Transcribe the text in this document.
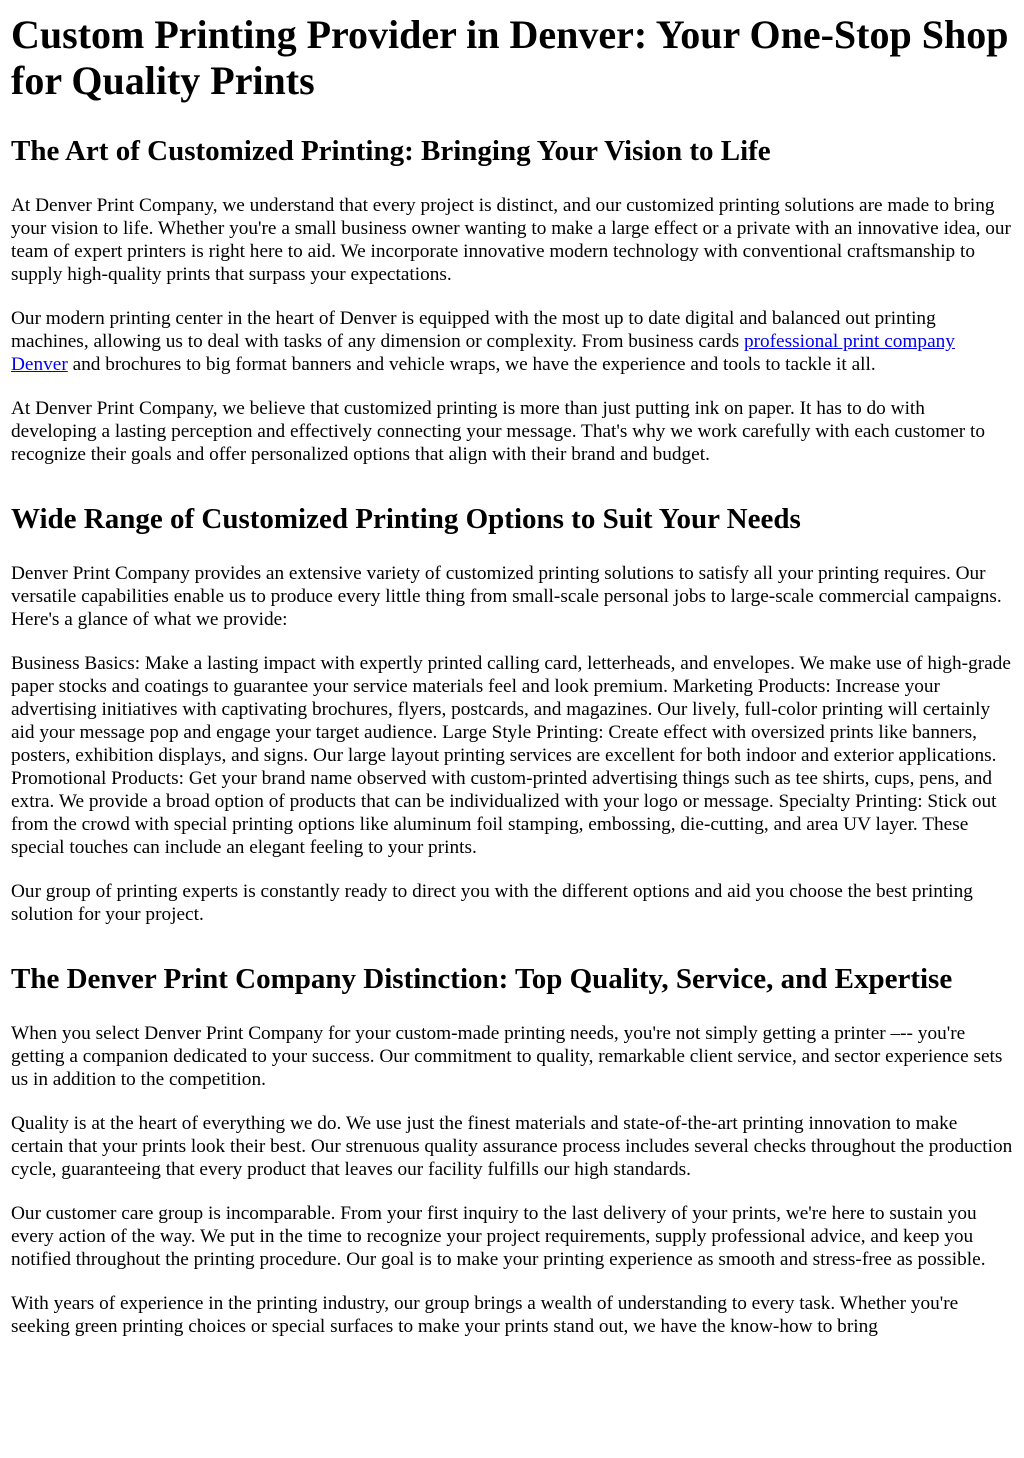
Custom Printing Provider in Denver: Your One-Stop Shop for Quality Prints
The Art of Customized Printing: Bringing Your Vision to Life

At Denver Print Company, we understand that every project is distinct, and our customized printing solutions are made to bring your vision to life. Whether you're a small business owner wanting to make a large effect or a private with an innovative idea, our team of expert printers is right here to aid. We incorporate innovative modern technology with conventional craftsmanship to supply high-quality prints that surpass your expectations.

Our modern printing center in the heart of Denver is equipped with the most up to date digital and balanced out printing machines, allowing us to deal with tasks of any dimension or complexity. From business cards professional print company Denver and brochures to big format banners and vehicle wraps, we have the experience and tools to tackle it all.

At Denver Print Company, we believe that customized printing is more than just putting ink on paper. It has to do with developing a lasting perception and effectively connecting your message. That's why we work carefully with each customer to recognize their goals and offer personalized options that align with their brand and budget.

Wide Range of Customized Printing Options to Suit Your Needs

Denver Print Company provides an extensive variety of customized printing solutions to satisfy all your printing requires. Our versatile capabilities enable us to produce every little thing from small-scale personal jobs to large-scale commercial campaigns. Here's a glance of what we provide:

Business Basics: Make a lasting impact with expertly printed calling card, letterheads, and envelopes. We make use of high-grade paper stocks and coatings to guarantee your service materials feel and look premium. Marketing Products: Increase your advertising initiatives with captivating brochures, flyers, postcards, and magazines. Our lively, full-color printing will certainly aid your message pop and engage your target audience. Large Style Printing: Create effect with oversized prints like banners, posters, exhibition displays, and signs. Our large layout printing services are excellent for both indoor and exterior applications. Promotional Products: Get your brand name observed with custom-printed advertising things such as tee shirts, cups, pens, and extra. We provide a broad option of products that can be individualized with your logo or message. Specialty Printing: Stick out from the crowd with special printing options like aluminum foil stamping, embossing, die-cutting, and area UV layer. These special touches can include an elegant feeling to your prints.

Our group of printing experts is constantly ready to direct you with the different options and aid you choose the best printing solution for your project.

The Denver Print Company Distinction: Top Quality, Service, and Expertise

When you select Denver Print Company for your custom-made printing needs, you're not simply getting a printer –-- you're getting a companion dedicated to your success. Our commitment to quality, remarkable client service, and sector experience sets us in addition to the competition.

Quality is at the heart of everything we do. We use just the finest materials and state-of-the-art printing innovation to make certain that your prints look their best. Our strenuous quality assurance process includes several checks throughout the production cycle, guaranteeing that every product that leaves our facility fulfills our high standards.

Our customer care group is incomparable. From your first inquiry to the last delivery of your prints, we're here to sustain you every action of the way. We put in the time to recognize your project requirements, supply professional advice, and keep you notified throughout the printing procedure. Our goal is to make your printing experience as smooth and stress-free as possible.

With years of experience in the printing industry, our group brings a wealth of understanding to every task. Whether you're seeking green printing choices or special surfaces to make your prints stand out, we have the know-how to bring
